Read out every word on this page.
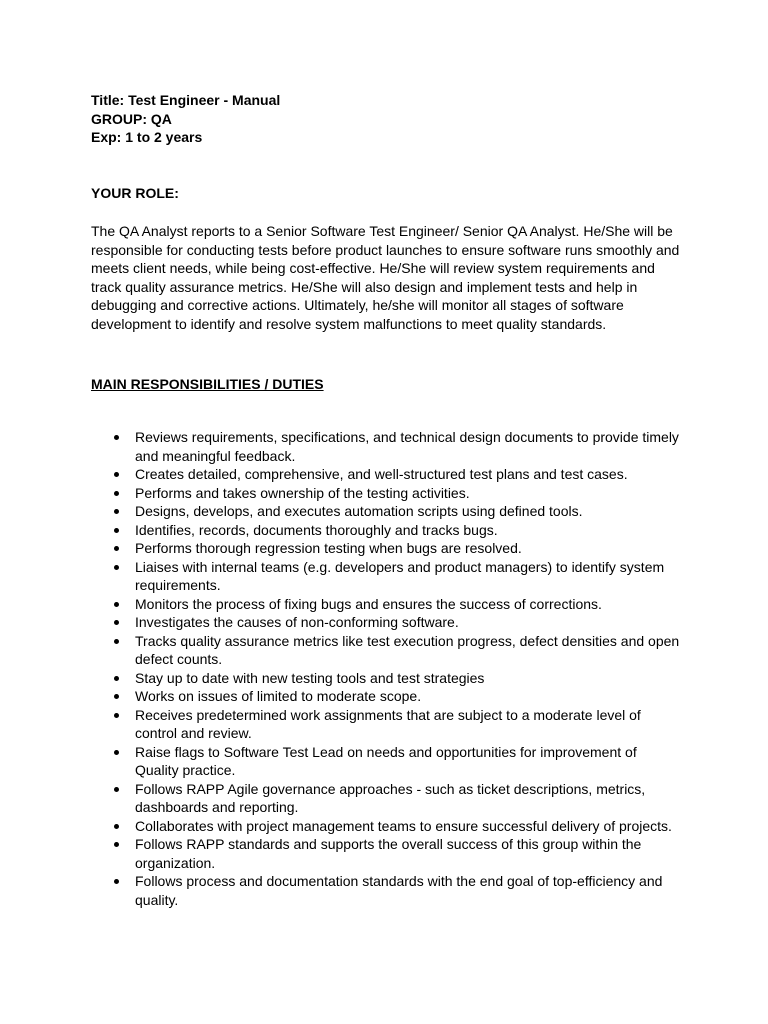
Title: Test Engineer - Manual
GROUP: QA
Exp: 1 to 2 years
YOUR ROLE:
The QA Analyst reports to a Senior Software Test Engineer/ Senior QA Analyst. He/She will be
responsible for conducting tests before product launches to ensure software runs smoothly and
meets client needs, while being cost-effective. He/She will review system requirements and
track quality assurance metrics. He/She will also design and implement tests and help in
debugging and corrective actions. Ultimately, he/she will monitor all stages of software
development to identify and resolve system malfunctions to meet quality standards.
MAIN RESPONSIBILITIES / DUTIES
Reviews requirements, specifications, and technical design documents to provide timely
and meaningful feedback.
Creates detailed, comprehensive, and well-structured test plans and test cases.
Performs and takes ownership of the testing activities.
Designs, develops, and executes automation scripts using defined tools.
Identifies, records, documents thoroughly and tracks bugs.
Performs thorough regression testing when bugs are resolved.
Liaises with internal teams (e.g. developers and product managers) to identify system
requirements.
Monitors the process of fixing bugs and ensures the success of corrections.
Investigates the causes of non-conforming software.
Tracks quality assurance metrics like test execution progress, defect densities and open
defect counts.
Stay up to date with new testing tools and test strategies
Works on issues of limited to moderate scope.
Receives predetermined work assignments that are subject to a moderate level of
control and review.
Raise flags to Software Test Lead on needs and opportunities for improvement of
Quality practice.
Follows RAPP Agile governance approaches - such as ticket descriptions, metrics,
dashboards and reporting.
Collaborates with project management teams to ensure successful delivery of projects.
Follows RAPP standards and supports the overall success of this group within the
organization.
Follows process and documentation standards with the end goal of top-efficiency and
quality.
